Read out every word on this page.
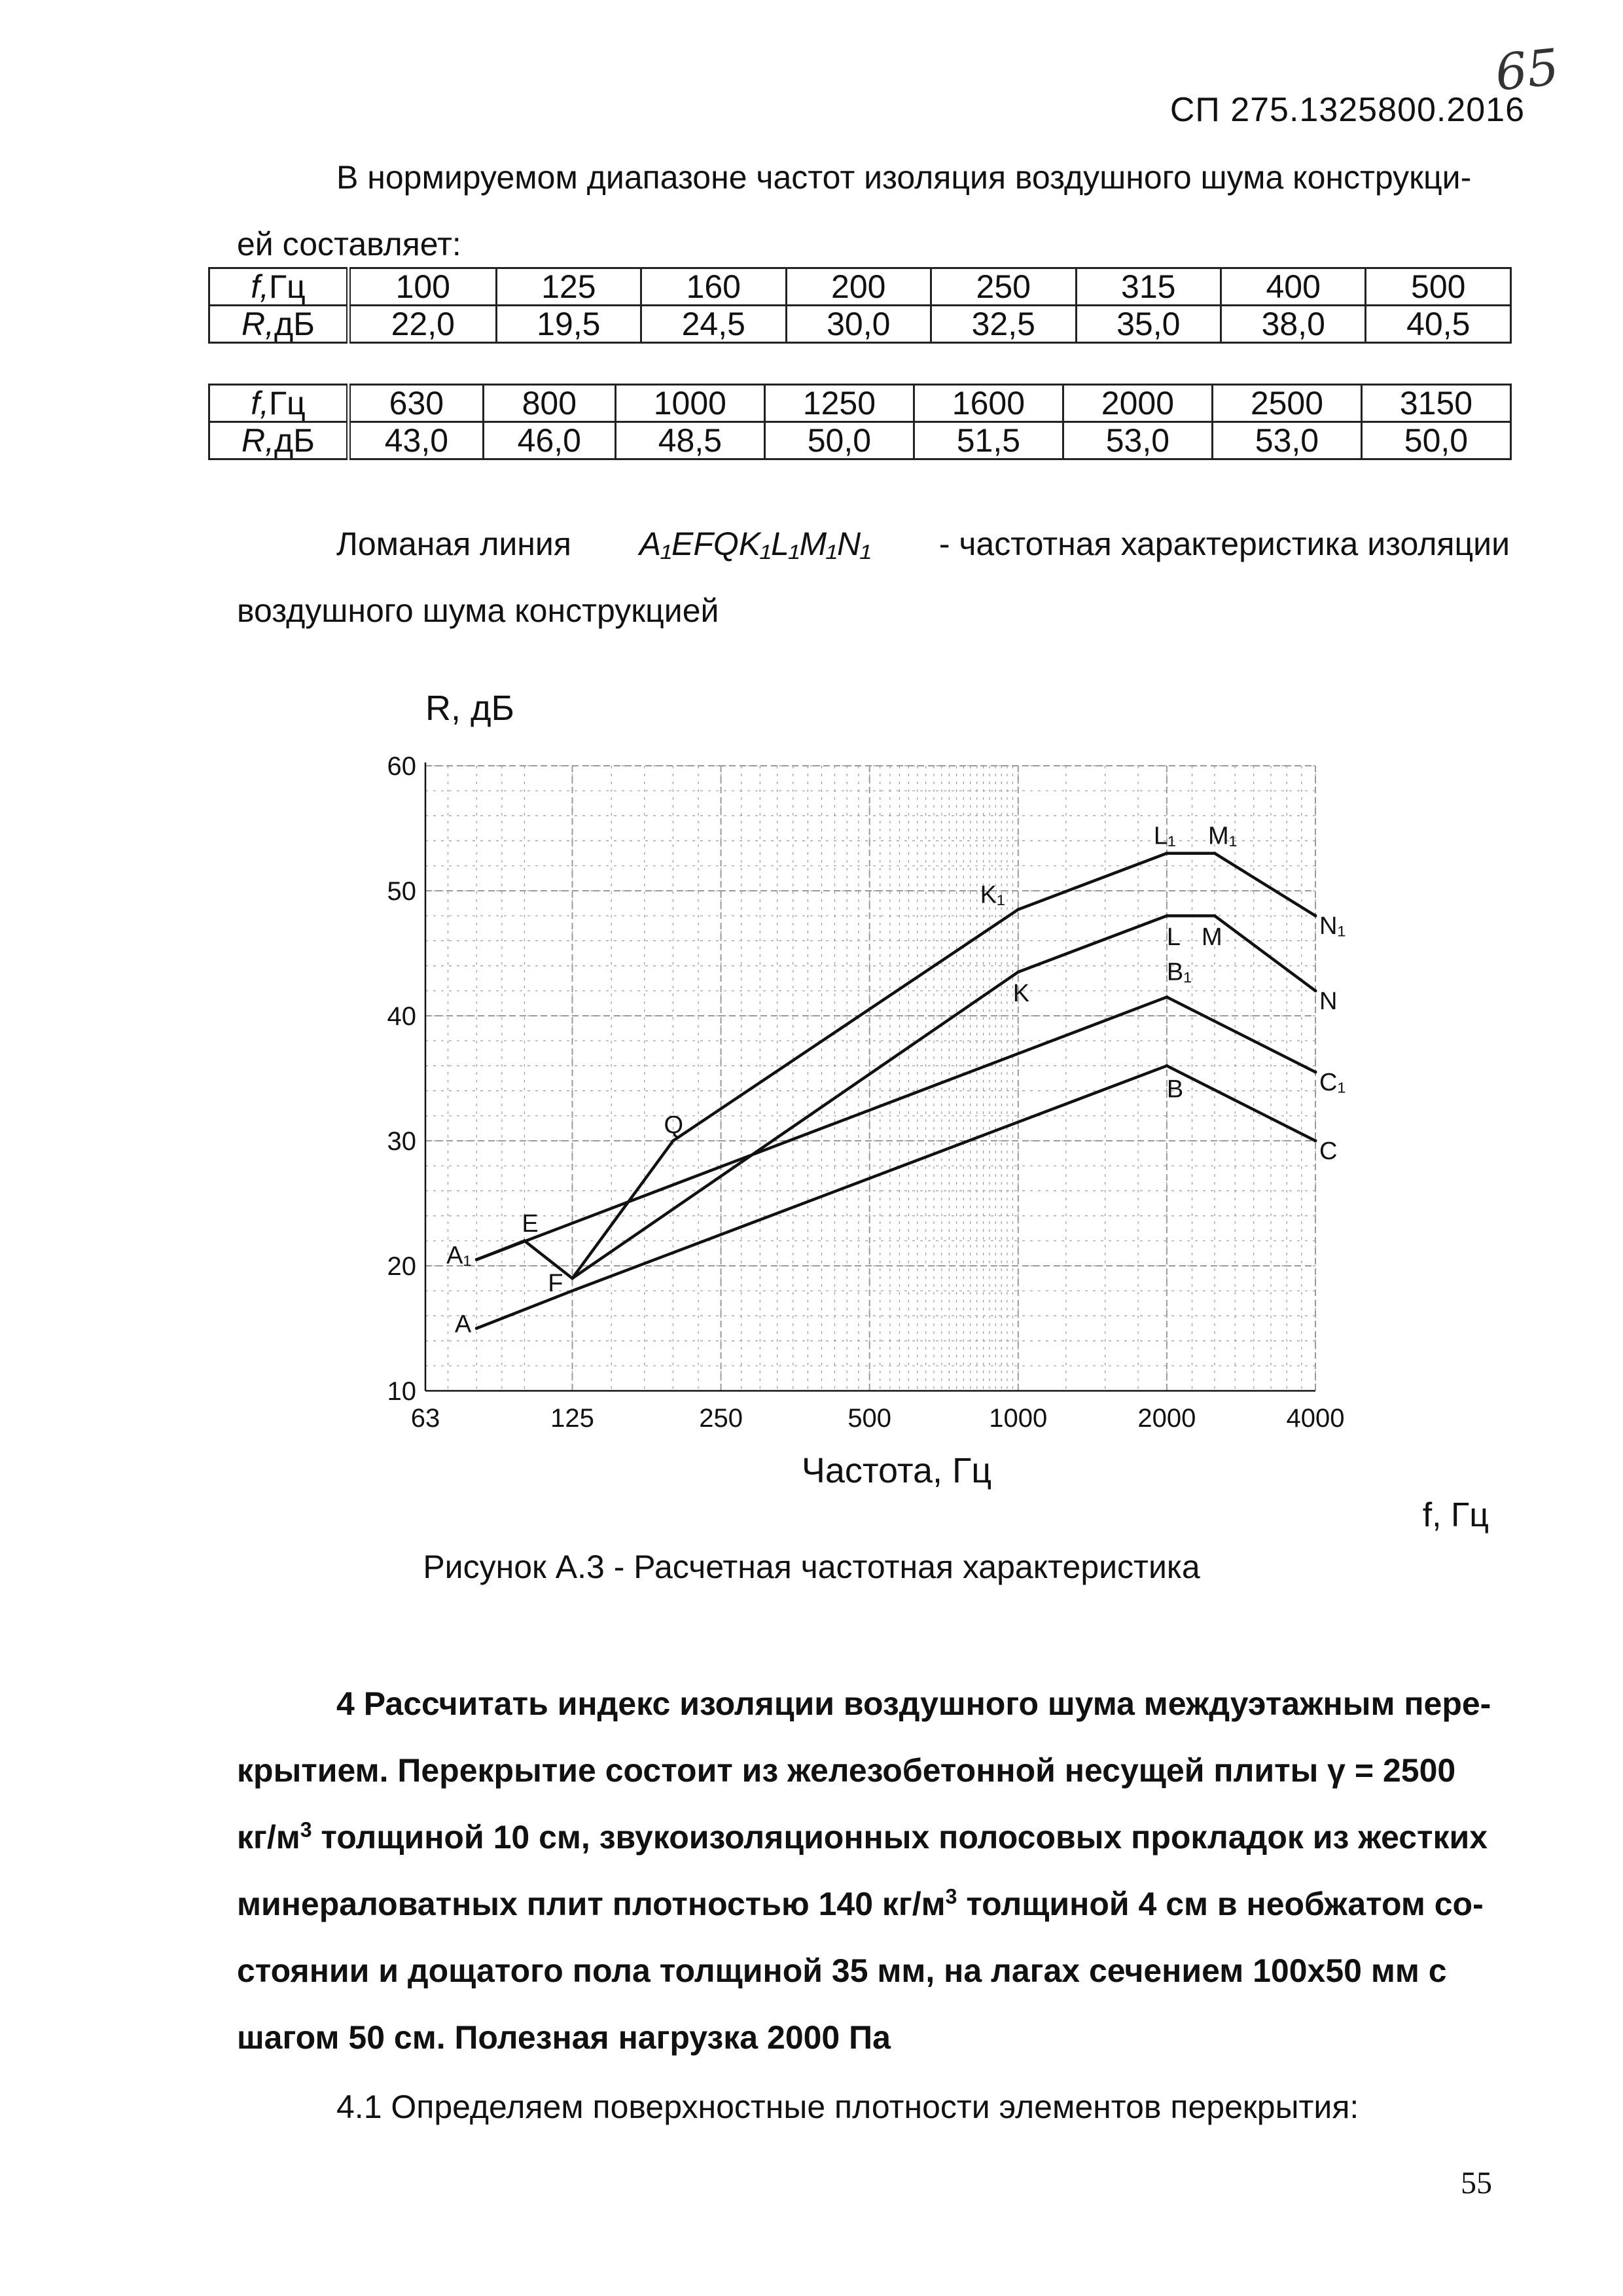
65
СП 275.1325800.2016
В нормируемом диапазоне частот изоляция воздушного шума конструкци-
ей составляет:
f,Гц	100	125	160	200	250	315	400	500
R,дБ	22,0	19,5	24,5	30,0	32,5	35,0	38,0	40,5
f,Гц	630	800	1000	1250	1600	2000	2500	3150
R,дБ	43,0	46,0	48,5	50,0	51,5	53,0	53,0	50,0
Ломаная линия A₁EFQK₁L₁M₁N₁ - частотная характеристика изоляции
воздушного шума конструкцией
10
20
30
40
50
60
63	125	250	500	1000	2000	4000
R, дБ
Частота, Гц
A
B
C
A₁
B₁
C₁
E
F
Q
K₁
L₁ M₁
N₁
K
L M
N
f, Гц
Рисунок А.3 - Расчетная частотная характеристика
4 Рассчитать индекс изоляции воздушного шума междуэтажным пере-
крытием. Перекрытие состоит из железобетонной несущей плиты γ = 2500
$кг/м^3$ толщиной 10 см, звукоизоляционных полосовых прокладок из жестких
минераловатных плит плотностью 140 $кг/м^3$ толщиной 4 см в необжатом со-
стоянии и дощатого пола толщиной 35 мм, на лагах сечением 100х50 мм с
шагом 50 см. Полезная нагрузка 2000 Па
4.1 Определяем поверхностные плотности элементов перекрытия:
55
